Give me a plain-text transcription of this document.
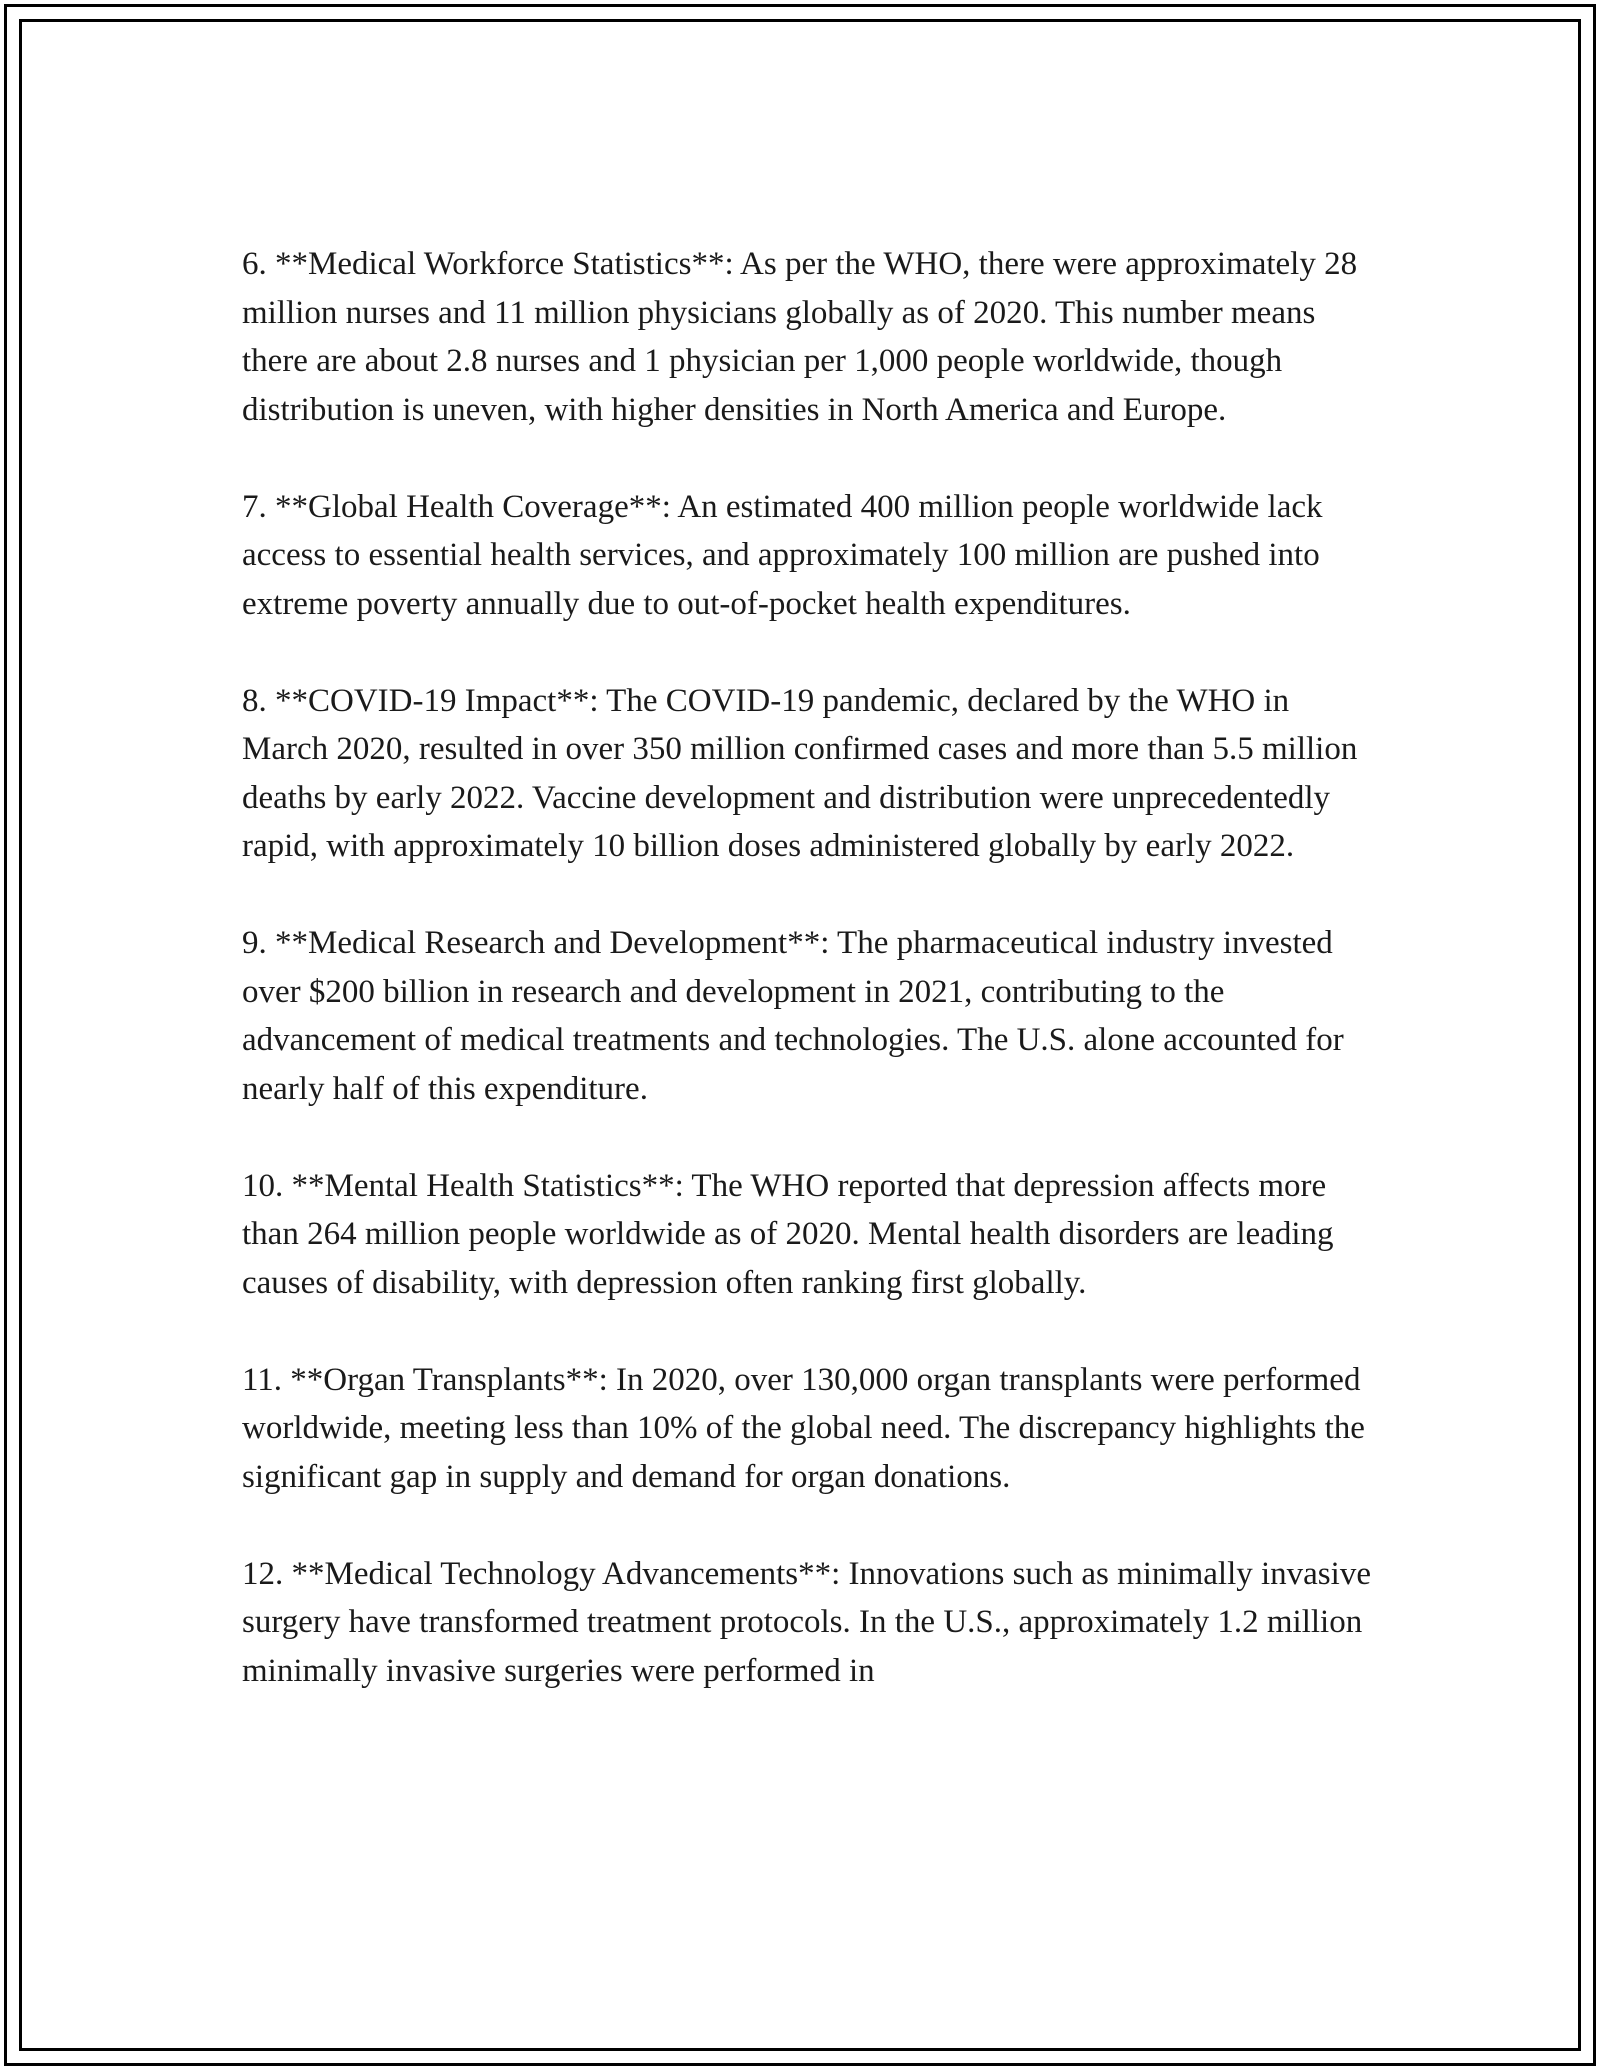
6. **Medical Workforce Statistics**: As per the WHO, there were approximately 28 million nurses and 11 million physicians globally as of 2020. This number means there are about 2.8 nurses and 1 physician per 1,000 people worldwide, though distribution is uneven, with higher densities in North America and Europe.

7. **Global Health Coverage**: An estimated 400 million people worldwide lack access to essential health services, and approximately 100 million are pushed into extreme poverty annually due to out-of-pocket health expenditures.

8. **COVID-19 Impact**: The COVID-19 pandemic, declared by the WHO in March 2020, resulted in over 350 million confirmed cases and more than 5.5 million deaths by early 2022. Vaccine development and distribution were unprecedentedly rapid, with approximately 10 billion doses administered globally by early 2022.

9. **Medical Research and Development**: The pharmaceutical industry invested over $200 billion in research and development in 2021, contributing to the advancement of medical treatments and technologies. The U.S. alone accounted for nearly half of this expenditure.

10. **Mental Health Statistics**: The WHO reported that depression affects more than 264 million people worldwide as of 2020. Mental health disorders are leading causes of disability, with depression often ranking first globally.

11. **Organ Transplants**: In 2020, over 130,000 organ transplants were performed worldwide, meeting less than 10% of the global need. The discrepancy highlights the significant gap in supply and demand for organ donations.

12. **Medical Technology Advancements**: Innovations such as minimally invasive surgery have transformed treatment protocols. In the U.S., approximately 1.2 million minimally invasive surgeries were performed in
